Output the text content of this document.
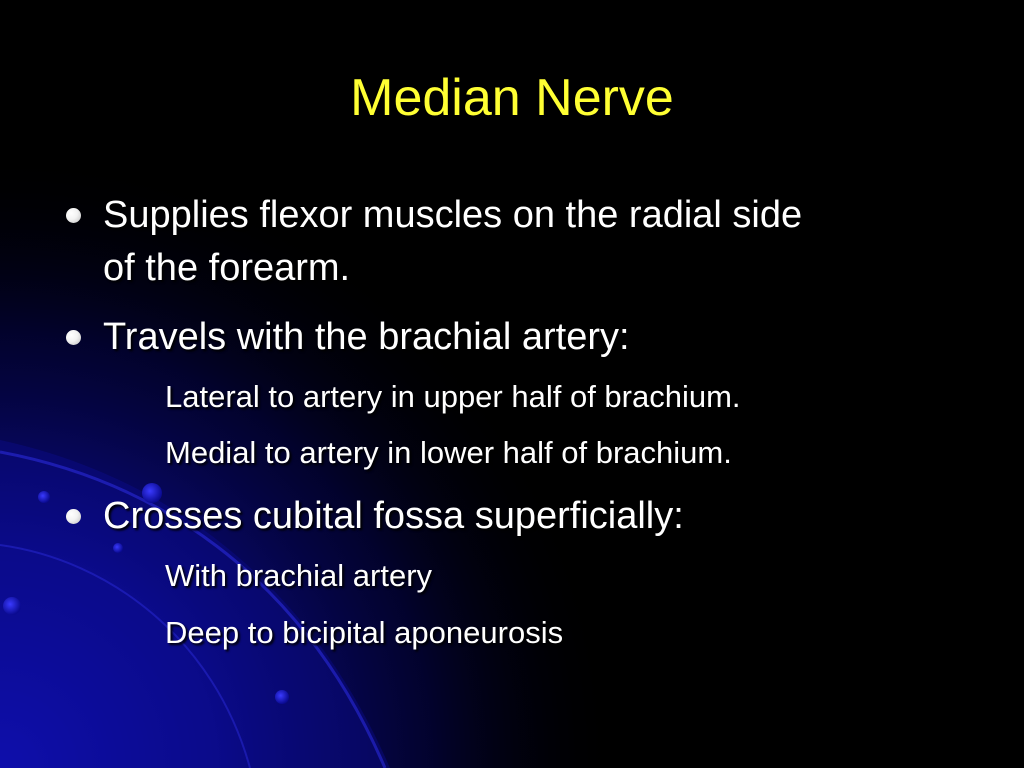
Median Nerve
Supplies flexor muscles on the radial side
of the forearm.
Travels with the brachial artery:
Lateral to artery in upper half of brachium.
Medial to artery in lower half of brachium.
Crosses cubital fossa superficially:
With brachial artery
Deep to bicipital aponeurosis
